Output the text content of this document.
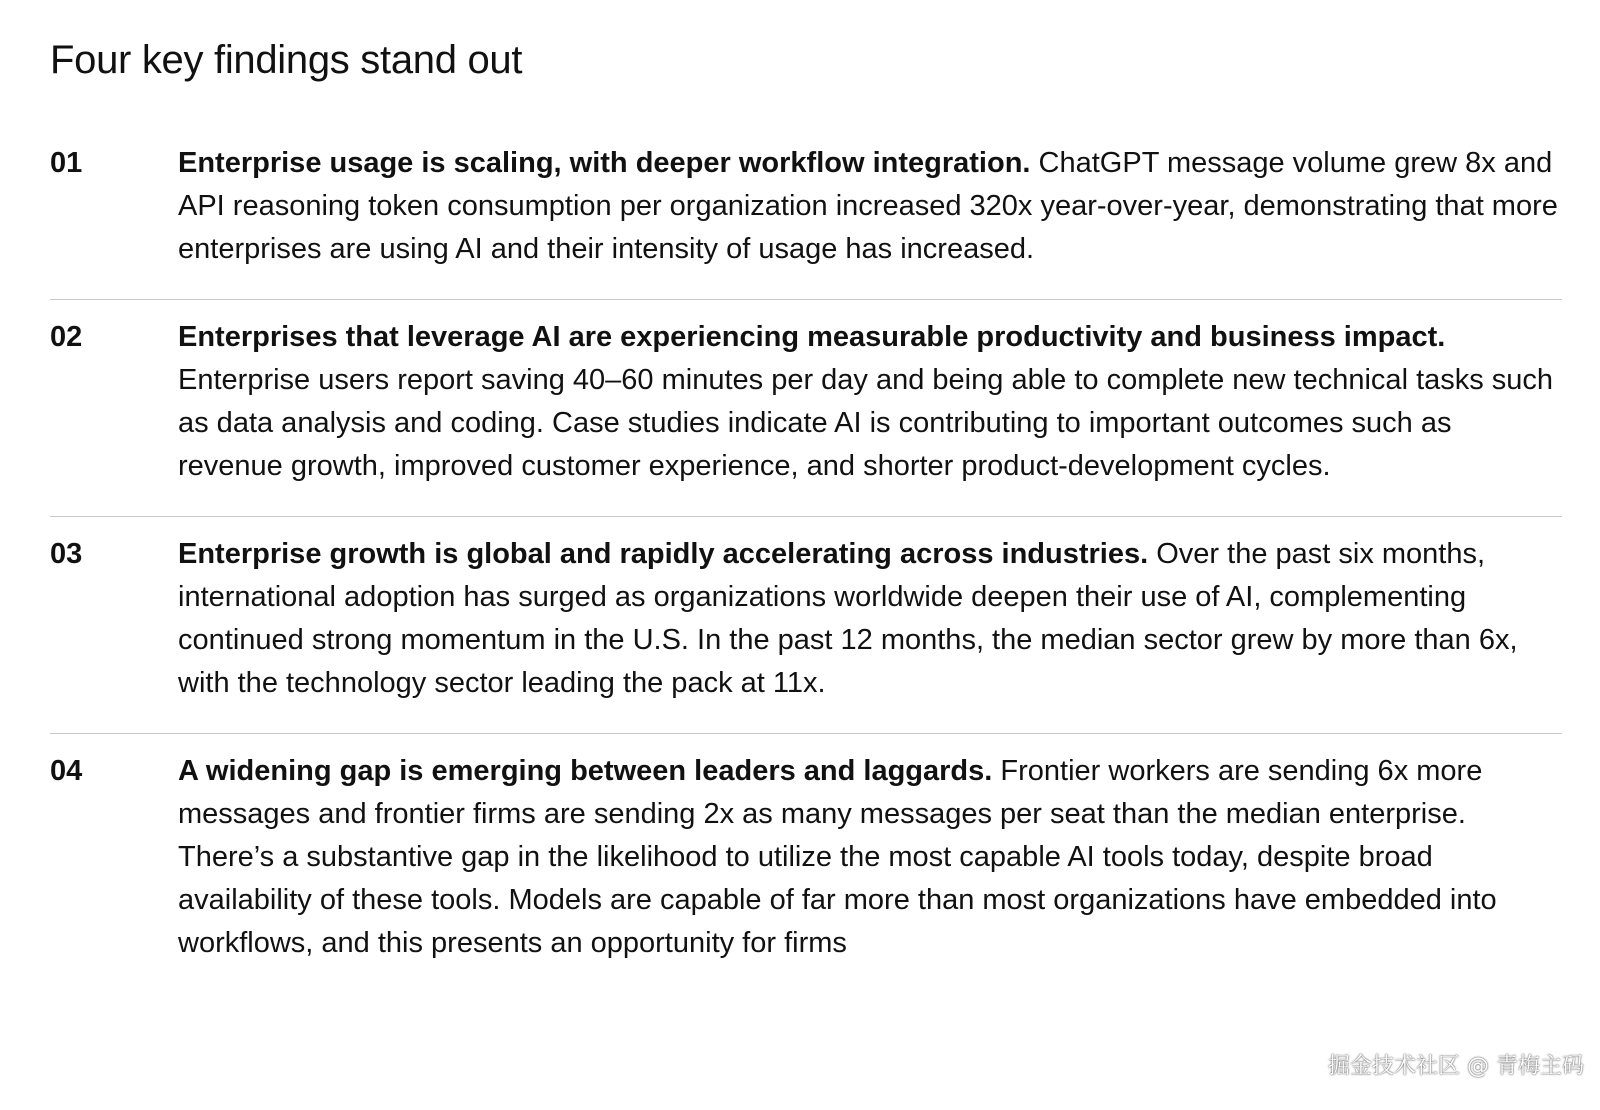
Four key findings stand out
01	Enterprise usage is scaling, with deeper workflow integration. ChatGPT message volume grew 8x and API reasoning token consumption per organization increased 320x year-over-year, demonstrating that more enterprises are using AI and their intensity of usage has increased.
02	Enterprises that leverage AI are experiencing measurable productivity and business impact. Enterprise users report saving 40–60 minutes per day and being able to complete new technical tasks such as data analysis and coding. Case studies indicate AI is contributing to important outcomes such as revenue growth, improved customer experience, and shorter product-development cycles.
03	Enterprise growth is global and rapidly accelerating across industries. Over the past six months, international adoption has surged as organizations worldwide deepen their use of AI, complementing continued strong momentum in the U.S. In the past 12 months, the median sector grew by more than 6x, with the technology sector leading the pack at 11x.
04	A widening gap is emerging between leaders and laggards. Frontier workers are sending 6x more messages and frontier firms are sending 2x as many messages per seat than the median enterprise. There’s a substantive gap in the likelihood to utilize the most capable AI tools today, despite broad availability of these tools. Models are capable of far more than most organizations have embedded into workflows, and this presents an opportunity for firms
掘金技术社区 @ 青梅主码
